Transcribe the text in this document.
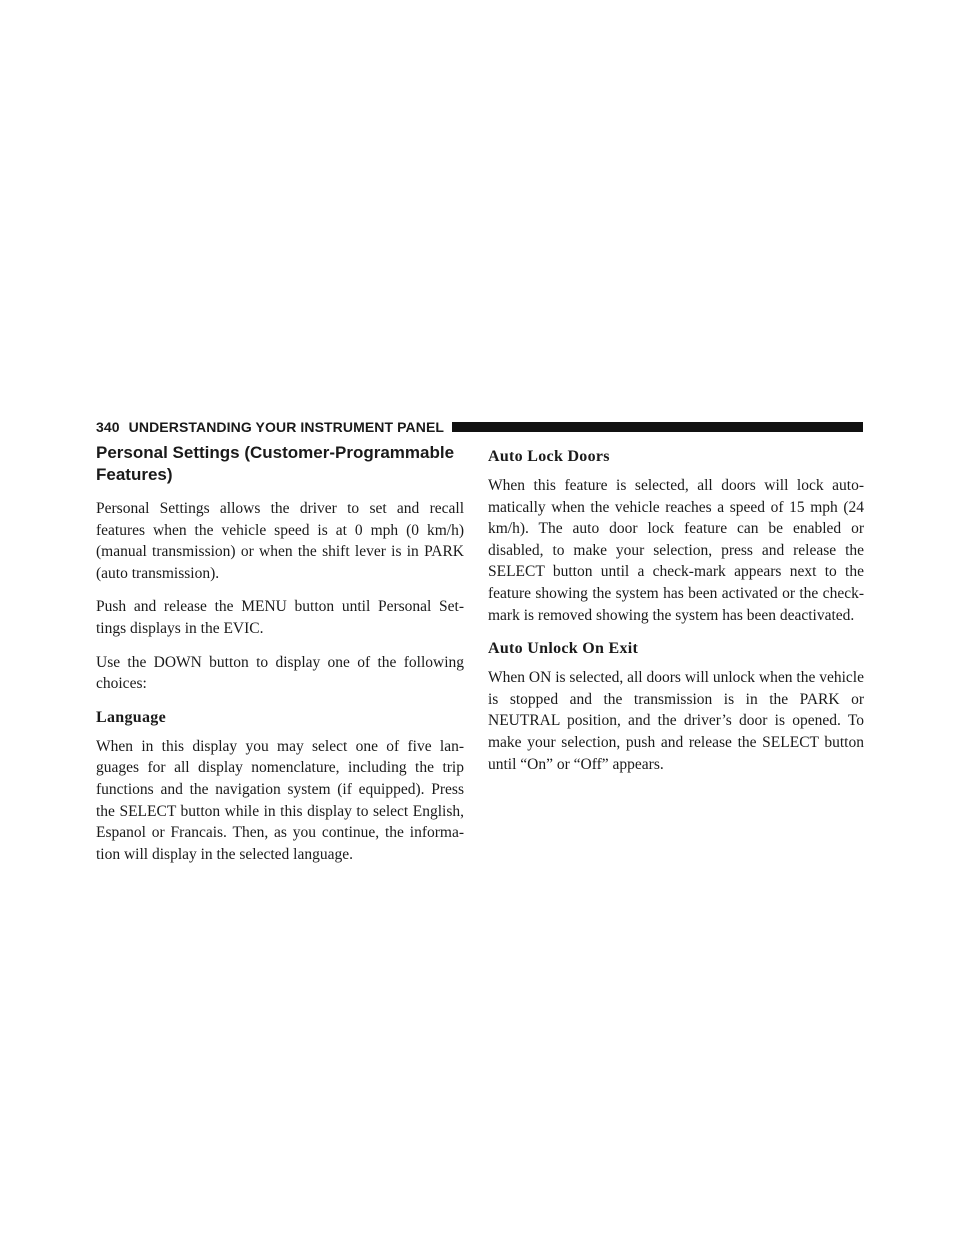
340 UNDERSTANDING YOUR INSTRUMENT PANEL
Personal Settings (Customer-Programmable Features)

Personal Settings allows the driver to set and recall features when the vehicle speed is at 0 mph (0 km/h) (manual transmission) or when the shift lever is in PARK (auto transmission).

Push and release the MENU button until Personal Set- tings displays in the EVIC.

Use the DOWN button to display one of the following choices:

Language

When in this display you may select one of five lan- guages for all display nomenclature, including the trip functions and the navigation system (if equipped). Press the SELECT button while in this display to select English, Espanol or Francais. Then, as you continue, the informa- tion will display in the selected language.

Auto Lock Doors

When this feature is selected, all doors will lock auto- matically when the vehicle reaches a speed of 15 mph (24 km/h). The auto door lock feature can be enabled or disabled, to make your selection, press and release the SELECT button until a check-mark appears next to the feature showing the system has been activated or the check-mark is removed showing the system has been deactivated.

Auto Unlock On Exit

When ON is selected, all doors will unlock when the vehicle is stopped and the transmission is in the PARK or NEUTRAL position, and the driver’s door is opened. To make your selection, push and release the SELECT button until “On” or “Off” appears.
